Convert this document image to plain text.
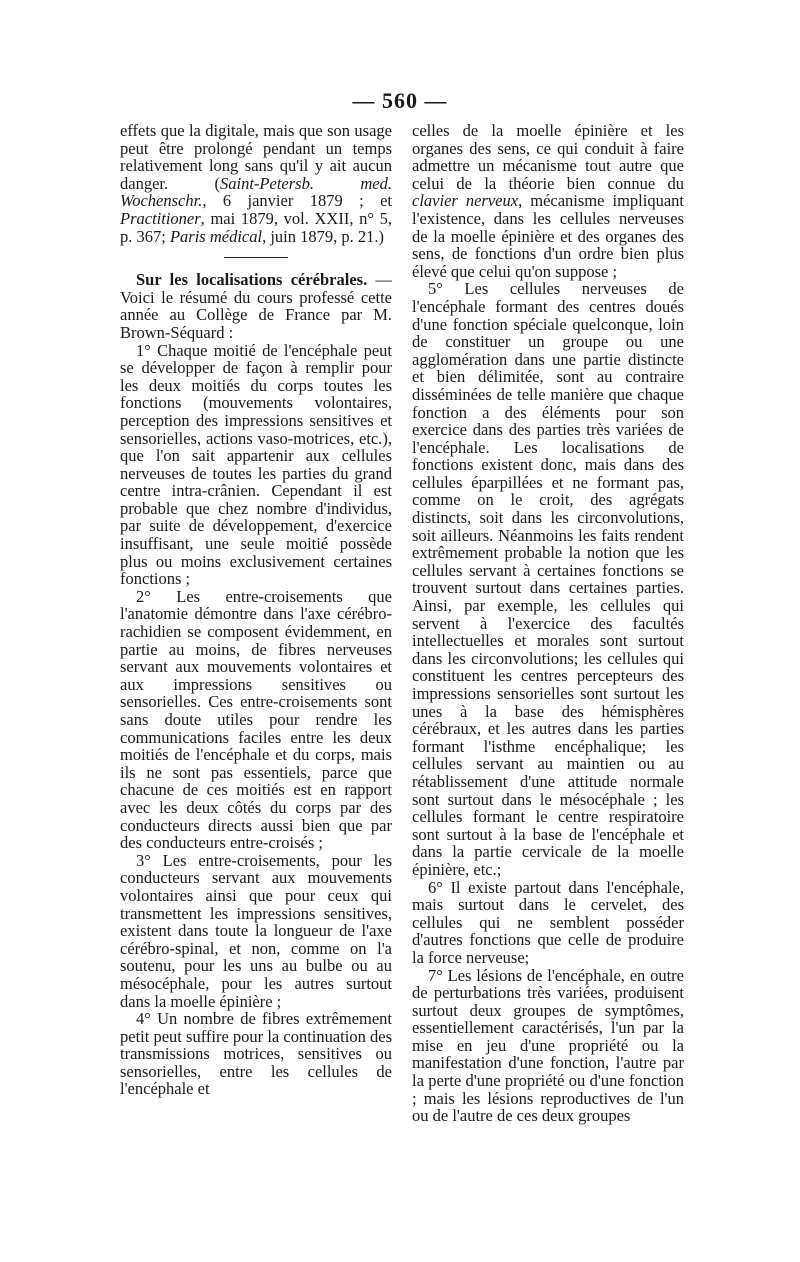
— 560 —

effets que la digitale, mais que son usage peut être prolongé pendant un temps relativement long sans qu'il y ait aucun danger. (Saint-Petersb. med. Wochenschr., 6 janvier 1879 ; et Practitioner, mai 1879, vol. XXII, n° 5, p. 367; Paris médical, juin 1879, p. 21.)

Sur les localisations cérébrales. — Voici le résumé du cours professé cette année au Collège de France par M. Brown-Séquard :

1° Chaque moitié de l'encéphale peut se développer de façon à remplir pour les deux moitiés du corps toutes les fonctions (mouvements volontaires, perception des impressions sensitives et sensorielles, actions vaso-motrices, etc.), que l'on sait appartenir aux cellules nerveuses de toutes les parties du grand centre intra-crânien. Cependant il est probable que chez nombre d'individus, par suite de développement, d'exercice insuffisant, une seule moitié possède plus ou moins exclusivement certaines fonctions ;

2° Les entre-croisements que l'anatomie démontre dans l'axe cérébro-rachidien se composent évidemment, en partie au moins, de fibres nerveuses servant aux mouvements volontaires et aux impressions sensitives ou sensorielles. Ces entre-croisements sont sans doute utiles pour rendre les communications faciles entre les deux moitiés de l'encéphale et du corps, mais ils ne sont pas essentiels, parce que chacune de ces moitiés est en rapport avec les deux côtés du corps par des conducteurs directs aussi bien que par des conducteurs entre-croisés ;

3° Les entre-croisements, pour les conducteurs servant aux mouvements volontaires ainsi que pour ceux qui transmettent les impressions sensitives, existent dans toute la longueur de l'axe cérébro-spinal, et non, comme on l'a soutenu, pour les uns au bulbe ou au mésocéphale, pour les autres surtout dans la moelle épinière ;

4° Un nombre de fibres extrêmement petit peut suffire pour la continuation des transmissions motrices, sensitives ou sensorielles, entre les cellules de l'encéphale et

celles de la moelle épinière et les organes des sens, ce qui conduit à faire admettre un mécanisme tout autre que celui de la théorie bien connue du clavier nerveux, mécanisme impliquant l'existence, dans les cellules nerveuses de la moelle épinière et des organes des sens, de fonctions d'un ordre bien plus élevé que celui qu'on suppose ;

5° Les cellules nerveuses de l'encéphale formant des centres doués d'une fonction spéciale quelconque, loin de constituer un groupe ou une agglomération dans une partie distincte et bien délimitée, sont au contraire disséminées de telle manière que chaque fonction a des éléments pour son exercice dans des parties très variées de l'encéphale. Les localisations de fonctions existent donc, mais dans des cellules éparpillées et ne formant pas, comme on le croit, des agrégats distincts, soit dans les circonvolutions, soit ailleurs. Néanmoins les faits rendent extrêmement probable la notion que les cellules servant à certaines fonctions se trouvent surtout dans certaines parties. Ainsi, par exemple, les cellules qui servent à l'exercice des facultés intellectuelles et morales sont surtout dans les circonvolutions; les cellules qui constituent les centres percepteurs des impressions sensorielles sont surtout les unes à la base des hémisphères cérébraux, et les autres dans les parties formant l'isthme encéphalique; les cellules servant au maintien ou au rétablissement d'une attitude normale sont surtout dans le mésocéphale ; les cellules formant le centre respiratoire sont surtout à la base de l'encéphale et dans la partie cervicale de la moelle épinière, etc.;

6° Il existe partout dans l'encéphale, mais surtout dans le cervelet, des cellules qui ne semblent posséder d'autres fonctions que celle de produire la force nerveuse;

7° Les lésions de l'encéphale, en outre de perturbations très variées, produisent surtout deux groupes de symptômes, essentiellement caractérisés, l'un par la mise en jeu d'une propriété ou la manifestation d'une fonction, l'autre par la perte d'une propriété ou d'une fonction ; mais les lésions reproductives de l'un ou de l'autre de ces deux groupes
